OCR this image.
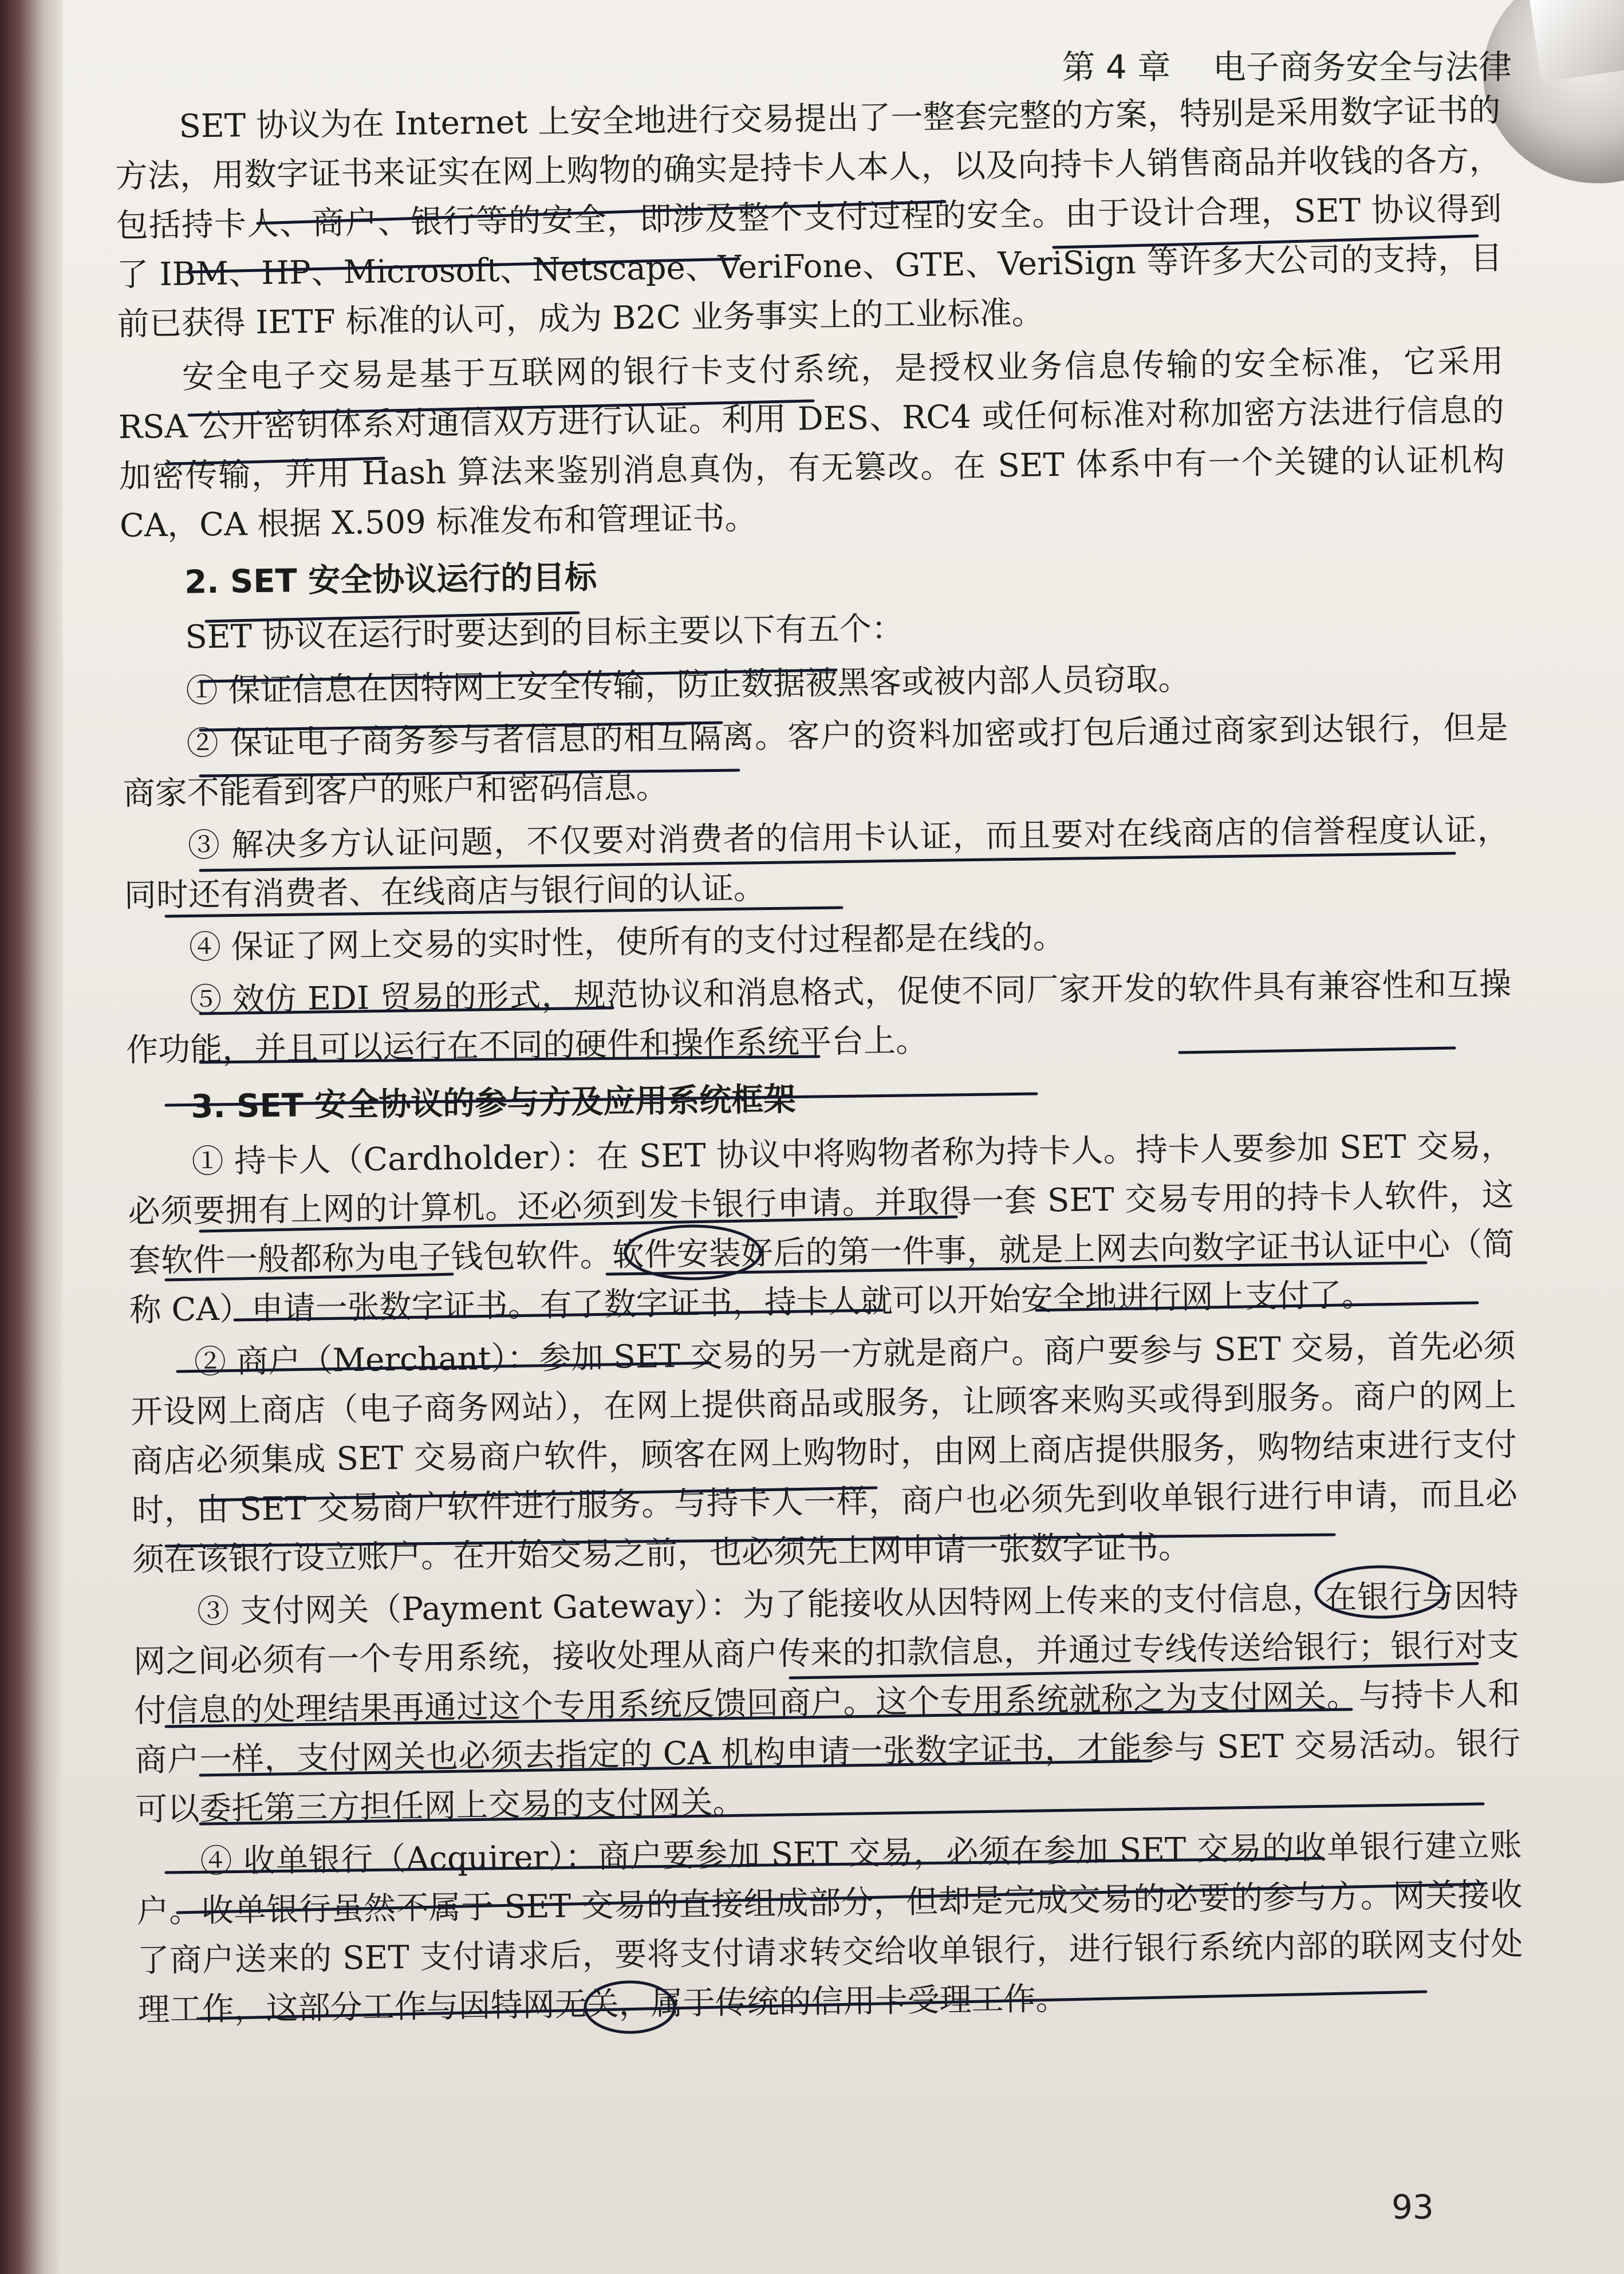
第 4 章 电子商务安全与法律

SET 协议为在 Internet 上安全地进行交易提出了一整套完整的方案，特别是采用数字证书的方法，用数字证书来证实在网上购物的确实是持卡人本人，以及向持卡人销售商品并收钱的各方，包括持卡人、商户、银行等的安全，即涉及整个支付过程的安全。由于设计合理，SET 协议得到了 IBM、HP、Microsoft、Netscape、VeriFone、GTE、VeriSign 等许多大公司的支持，目前已获得 IETF 标准的认可，成为 B2C 业务事实上的工业标准。

安全电子交易是基于互联网的银行卡支付系统，是授权业务信息传输的安全标准，它采用 RSA 公开密钥体系对通信双方进行认证。利用 DES、RC4 或任何标准对称加密方法进行信息的加密传输，并用 Hash 算法来鉴别消息真伪，有无篡改。在 SET 体系中有一个关键的认证机构 CA，CA 根据 X.509 标准发布和管理证书。

2. SET 安全协议运行的目标

SET 协议在运行时要达到的目标主要以下有五个：

① 保证信息在因特网上安全传输，防止数据被黑客或被内部人员窃取。

② 保证电子商务参与者信息的相互隔离。客户的资料加密或打包后通过商家到达银行，但是商家不能看到客户的账户和密码信息。

③ 解决多方认证问题，不仅要对消费者的信用卡认证，而且要对在线商店的信誉程度认证，同时还有消费者、在线商店与银行间的认证。

④ 保证了网上交易的实时性，使所有的支付过程都是在线的。

⑤ 效仿 EDI 贸易的形式，规范协议和消息格式，促使不同厂家开发的软件具有兼容性和互操作功能，并且可以运行在不同的硬件和操作系统平台上。

3. SET 安全协议的参与方及应用系统框架

① 持卡人（Cardholder）：在 SET 协议中将购物者称为持卡人。持卡人要参加 SET 交易，必须要拥有上网的计算机。还必须到发卡银行申请。并取得一套 SET 交易专用的持卡人软件，这套软件一般都称为电子钱包软件。软件安装好后的第一件事，就是上网去向数字证书认证中心（简称 CA）申请一张数字证书。有了数字证书，持卡人就可以开始安全地进行网上支付了。

② 商户（Merchant）：参加 SET 交易的另一方就是商户。商户要参与 SET 交易，首先必须开设网上商店（电子商务网站），在网上提供商品或服务，让顾客来购买或得到服务。商户的网上商店必须集成 SET 交易商户软件，顾客在网上购物时，由网上商店提供服务，购物结束进行支付时，由 SET 交易商户软件进行服务。与持卡人一样，商户也必须先到收单银行进行申请，而且必须在该银行设立账户。在开始交易之前，也必须先上网申请一张数字证书。

③ 支付网关（Payment Gateway）：为了能接收从因特网上传来的支付信息，在银行与因特网之间必须有一个专用系统，接收处理从商户传来的扣款信息，并通过专线传送给银行；银行对支付信息的处理结果再通过这个专用系统反馈回商户。这个专用系统就称之为支付网关。与持卡人和商户一样，支付网关也必须去指定的 CA 机构申请一张数字证书，才能参与 SET 交易活动。银行可以委托第三方担任网上交易的支付网关。

④ 收单银行（Acquirer）：商户要参加 SET 交易，必须在参加 SET 交易的收单银行建立账户。收单银行虽然不属于 SET 交易的直接组成部分，但却是完成交易的必要的参与方。网关接收了商户送来的 SET 支付请求后，要将支付请求转交给收单银行，进行银行系统内部的联网支付处理工作，这部分工作与因特网无关，属于传统的信用卡受理工作。

93
